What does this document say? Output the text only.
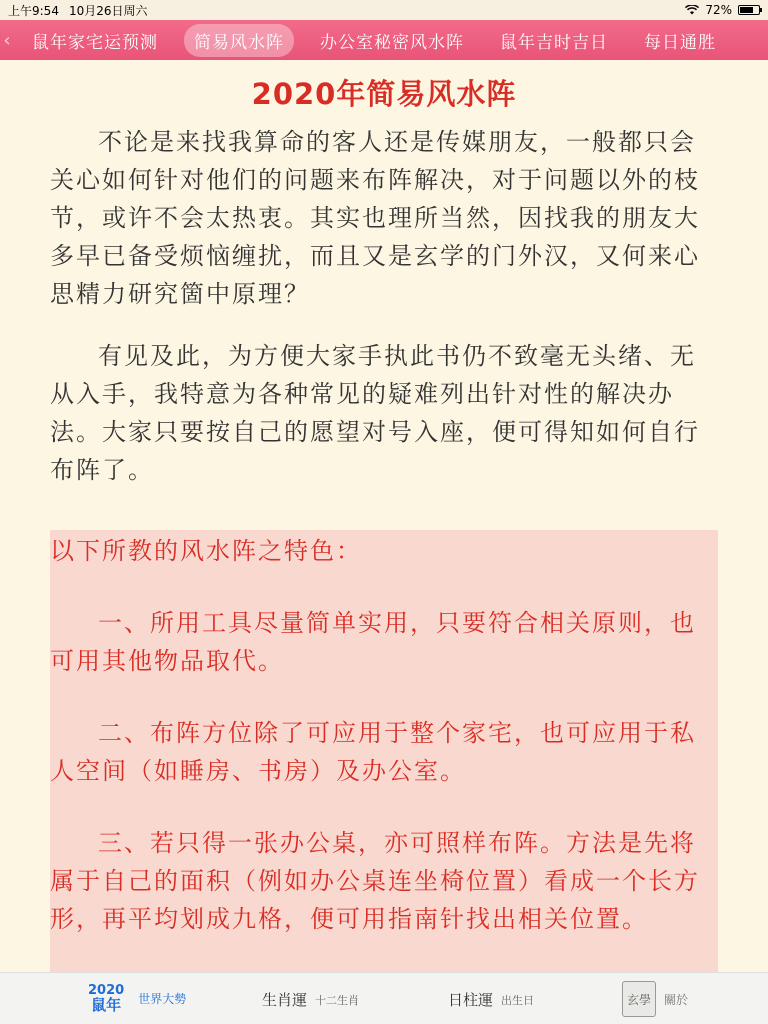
上午9:54 10月26日周六	72%
‹	鼠年家宅运预测	简易风水阵	办公室秘密风水阵	鼠年吉时吉日	每日通胜
2020年简易风水阵

不论是来找我算命的客人还是传媒朋友，一般都只会关心如何针对他们的问题来布阵解决，对于问题以外的枝节，或许不会太热衷。其实也理所当然，因找我的朋友大多早已备受烦恼缠扰，而且又是玄学的门外汉，又何来心思精力研究箇中原理？

有见及此，为方便大家手执此书仍不致毫无头绪、无从入手，我特意为各种常见的疑难列出针对性的解决办法。大家只要按自己的愿望对号入座，便可得知如何自行布阵了。

以下所教的风水阵之特色：

一、所用工具尽量简单实用，只要符合相关原则，也可用其他物品取代。

二、布阵方位除了可应用于整个家宅，也可应用于私人空间（如睡房、书房）及办公室。

三、若只得一张办公桌，亦可照样布阵。方法是先将属于自己的面积（例如办公桌连坐椅位置）看成一个长方形，再平均划成九格，便可用指南针找出相关位置。

2020
鼠年 世界大勢	生肖運 十二生肖	日柱運 出生日	玄學	關於
